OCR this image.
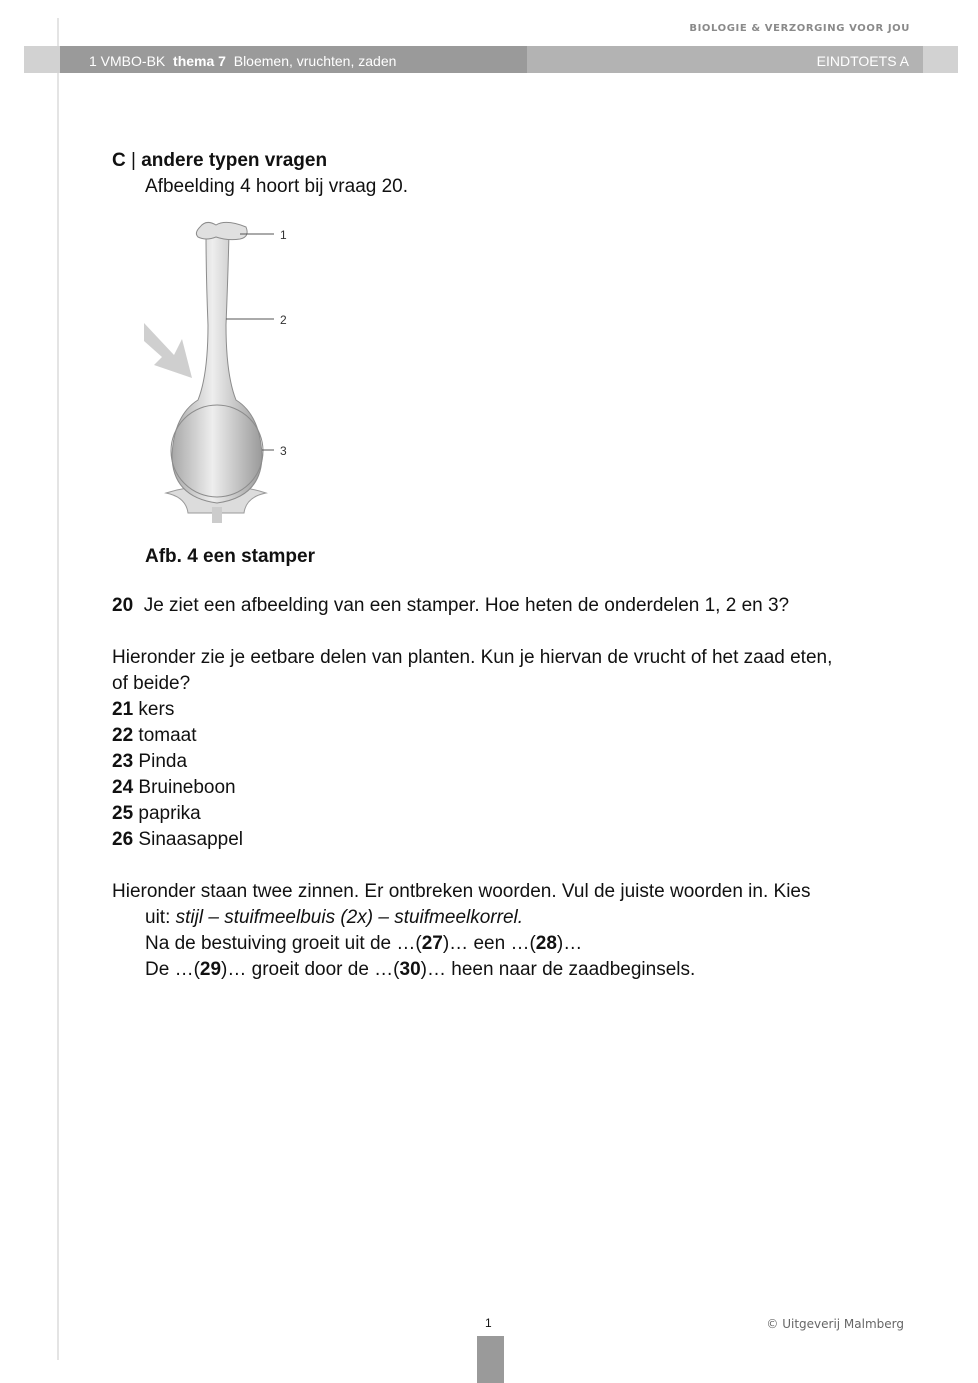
BIOLOGIE & VERZORGING VOOR JOU
1 VMBO-BK thema 7 Bloemen, vruchten, zaden	EINDTOETS A
C | andere typen vragen
Afbeelding 4 hoort bij vraag 20.
1
2
3
Afb. 4 een stamper
20 Je ziet een afbeelding van een stamper. Hoe heten de onderdelen 1, 2 en 3?
Hieronder zie je eetbare delen van planten. Kun je hiervan de vrucht of het zaad eten,
of beide?
21 kers
22 tomaat
23 Pinda
24 Bruineboon
25 paprika
26 Sinaasappel
Hieronder staan twee zinnen. Er ontbreken woorden. Vul de juiste woorden in. Kies
uit: stijl – stuifmeelbuis (2x) – stuifmeelkorrel.
Na de bestuiving groeit uit de …(27)… een …(28)…
De …(29)… groeit door de …(30)… heen naar de zaadbeginsels.
1	© Uitgeverij Malmberg
